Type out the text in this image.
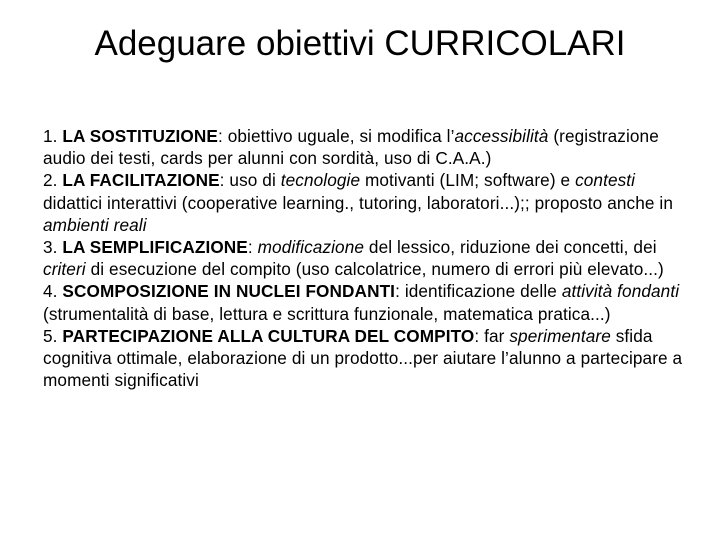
Adeguare obiettivi CURRICOLARI

1. LA SOSTITUZIONE: obiettivo uguale, si modifica l’accessibilità (registrazione audio dei testi, cards per alunni con sordità, uso di C.A.A.)

2. LA FACILITAZIONE: uso di tecnologie motivanti (LIM; software) e contesti didattici interattivi (cooperative learning., tutoring, laboratori...);; proposto anche in ambienti reali

3. LA SEMPLIFICAZIONE: modificazione del lessico, riduzione dei concetti, dei criteri di esecuzione del compito (uso calcolatrice, numero di errori più elevato...)

4. SCOMPOSIZIONE IN NUCLEI FONDANTI: identificazione delle attività fondanti (strumentalità di base, lettura e scrittura funzionale, matematica pratica...)

5. PARTECIPAZIONE ALLA CULTURA DEL COMPITO: far sperimentare sfida cognitiva ottimale, elaborazione di un prodotto...per aiutare l’alunno a partecipare a momenti significativi
